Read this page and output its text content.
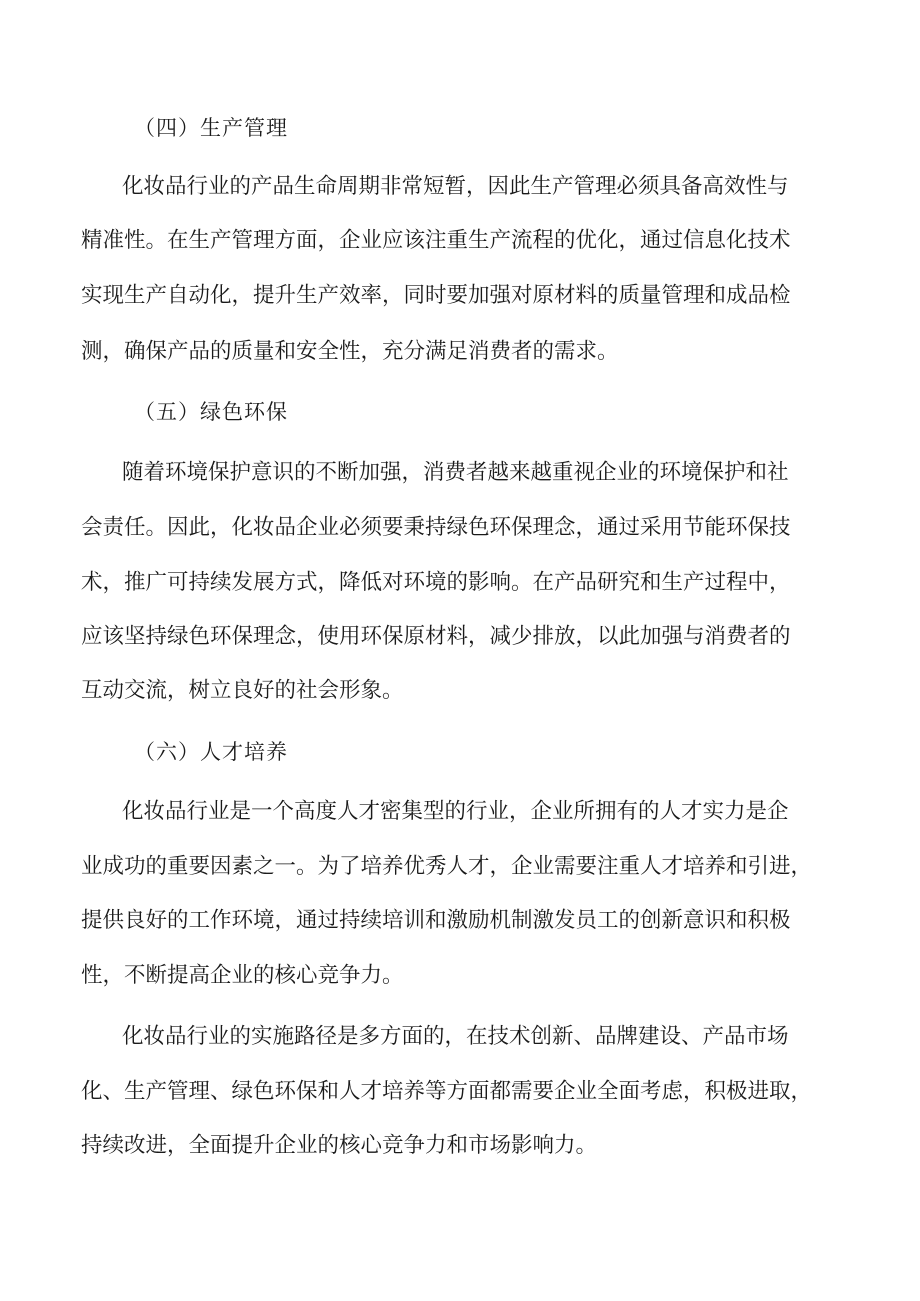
（四）生产管理

化妆品行业的产品生命周期非常短暂，因此生产管理必须具备高效性与

精准性。在生产管理方面，企业应该注重生产流程的优化，通过信息化技术

实现生产自动化，提升生产效率，同时要加强对原材料的质量管理和成品检

测，确保产品的质量和安全性，充分满足消费者的需求。

（五）绿色环保

随着环境保护意识的不断加强，消费者越来越重视企业的环境保护和社

会责任。因此，化妆品企业必须要秉持绿色环保理念，通过采用节能环保技

术，推广可持续发展方式，降低对环境的影响。在产品研究和生产过程中，

应该坚持绿色环保理念，使用环保原材料，减少排放，以此加强与消费者的

互动交流，树立良好的社会形象。

（六）人才培养

化妆品行业是一个高度人才密集型的行业，企业所拥有的人才实力是企

业成功的重要因素之一。为了培养优秀人才，企业需要注重人才培养和引进，

提供良好的工作环境，通过持续培训和激励机制激发员工的创新意识和积极

性，不断提高企业的核心竞争力。

化妆品行业的实施路径是多方面的，在技术创新、品牌建设、产品市场

化、生产管理、绿色环保和人才培养等方面都需要企业全面考虑，积极进取，

持续改进，全面提升企业的核心竞争力和市场影响力。
